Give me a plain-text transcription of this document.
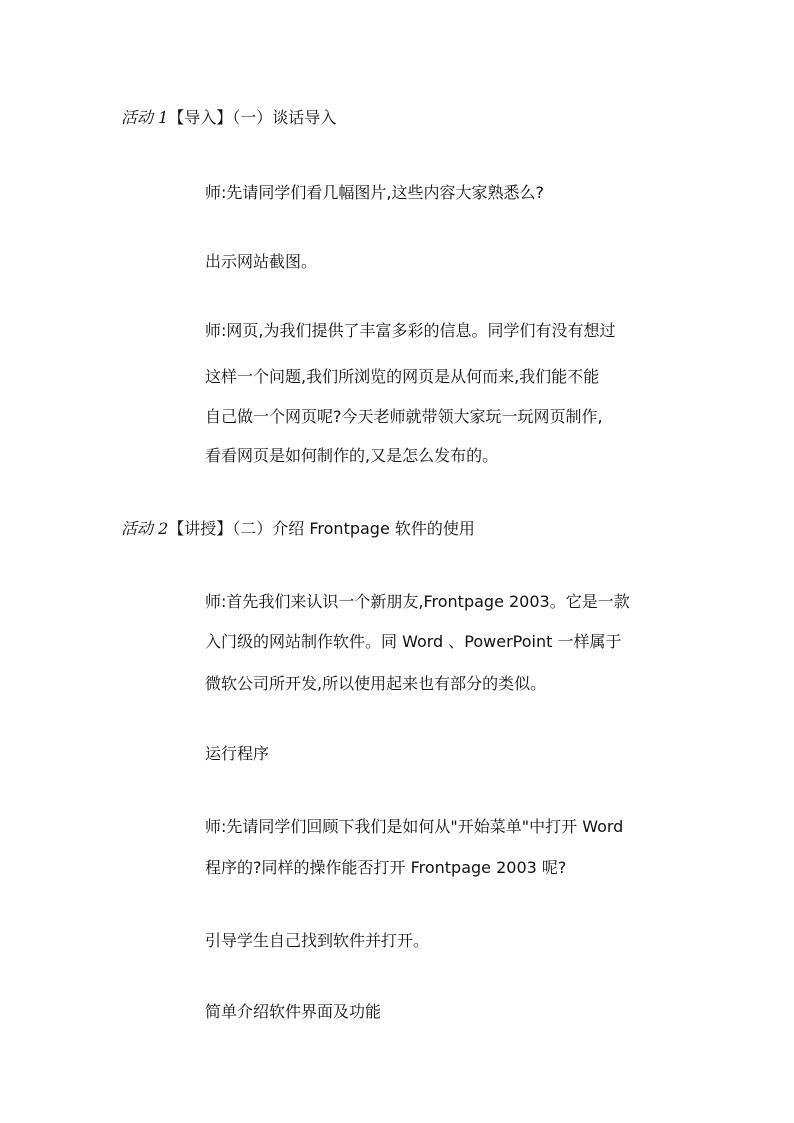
活动 1【导入】（一）谈话导入
师:先请同学们看几幅图片,这些内容大家熟悉么?
出示网站截图。
师:网页,为我们提供了丰富多彩的信息。同学们有没有想过
这样一个问题,我们所浏览的网页是从何而来,我们能不能
自己做一个网页呢?今天老师就带领大家玩一玩网页制作,
看看网页是如何制作的,又是怎么发布的。
活动 2【讲授】（二）介绍 Frontpage 软件的使用
师:首先我们来认识一个新朋友,Frontpage 2003。它是一款
入门级的网站制作软件。同 Word 、PowerPoint 一样属于
微软公司所开发,所以使用起来也有部分的类似。
运行程序
师:先请同学们回顾下我们是如何从"开始菜单"中打开 Word
程序的?同样的操作能否打开 Frontpage 2003 呢?
引导学生自己找到软件并打开。
简单介绍软件界面及功能
